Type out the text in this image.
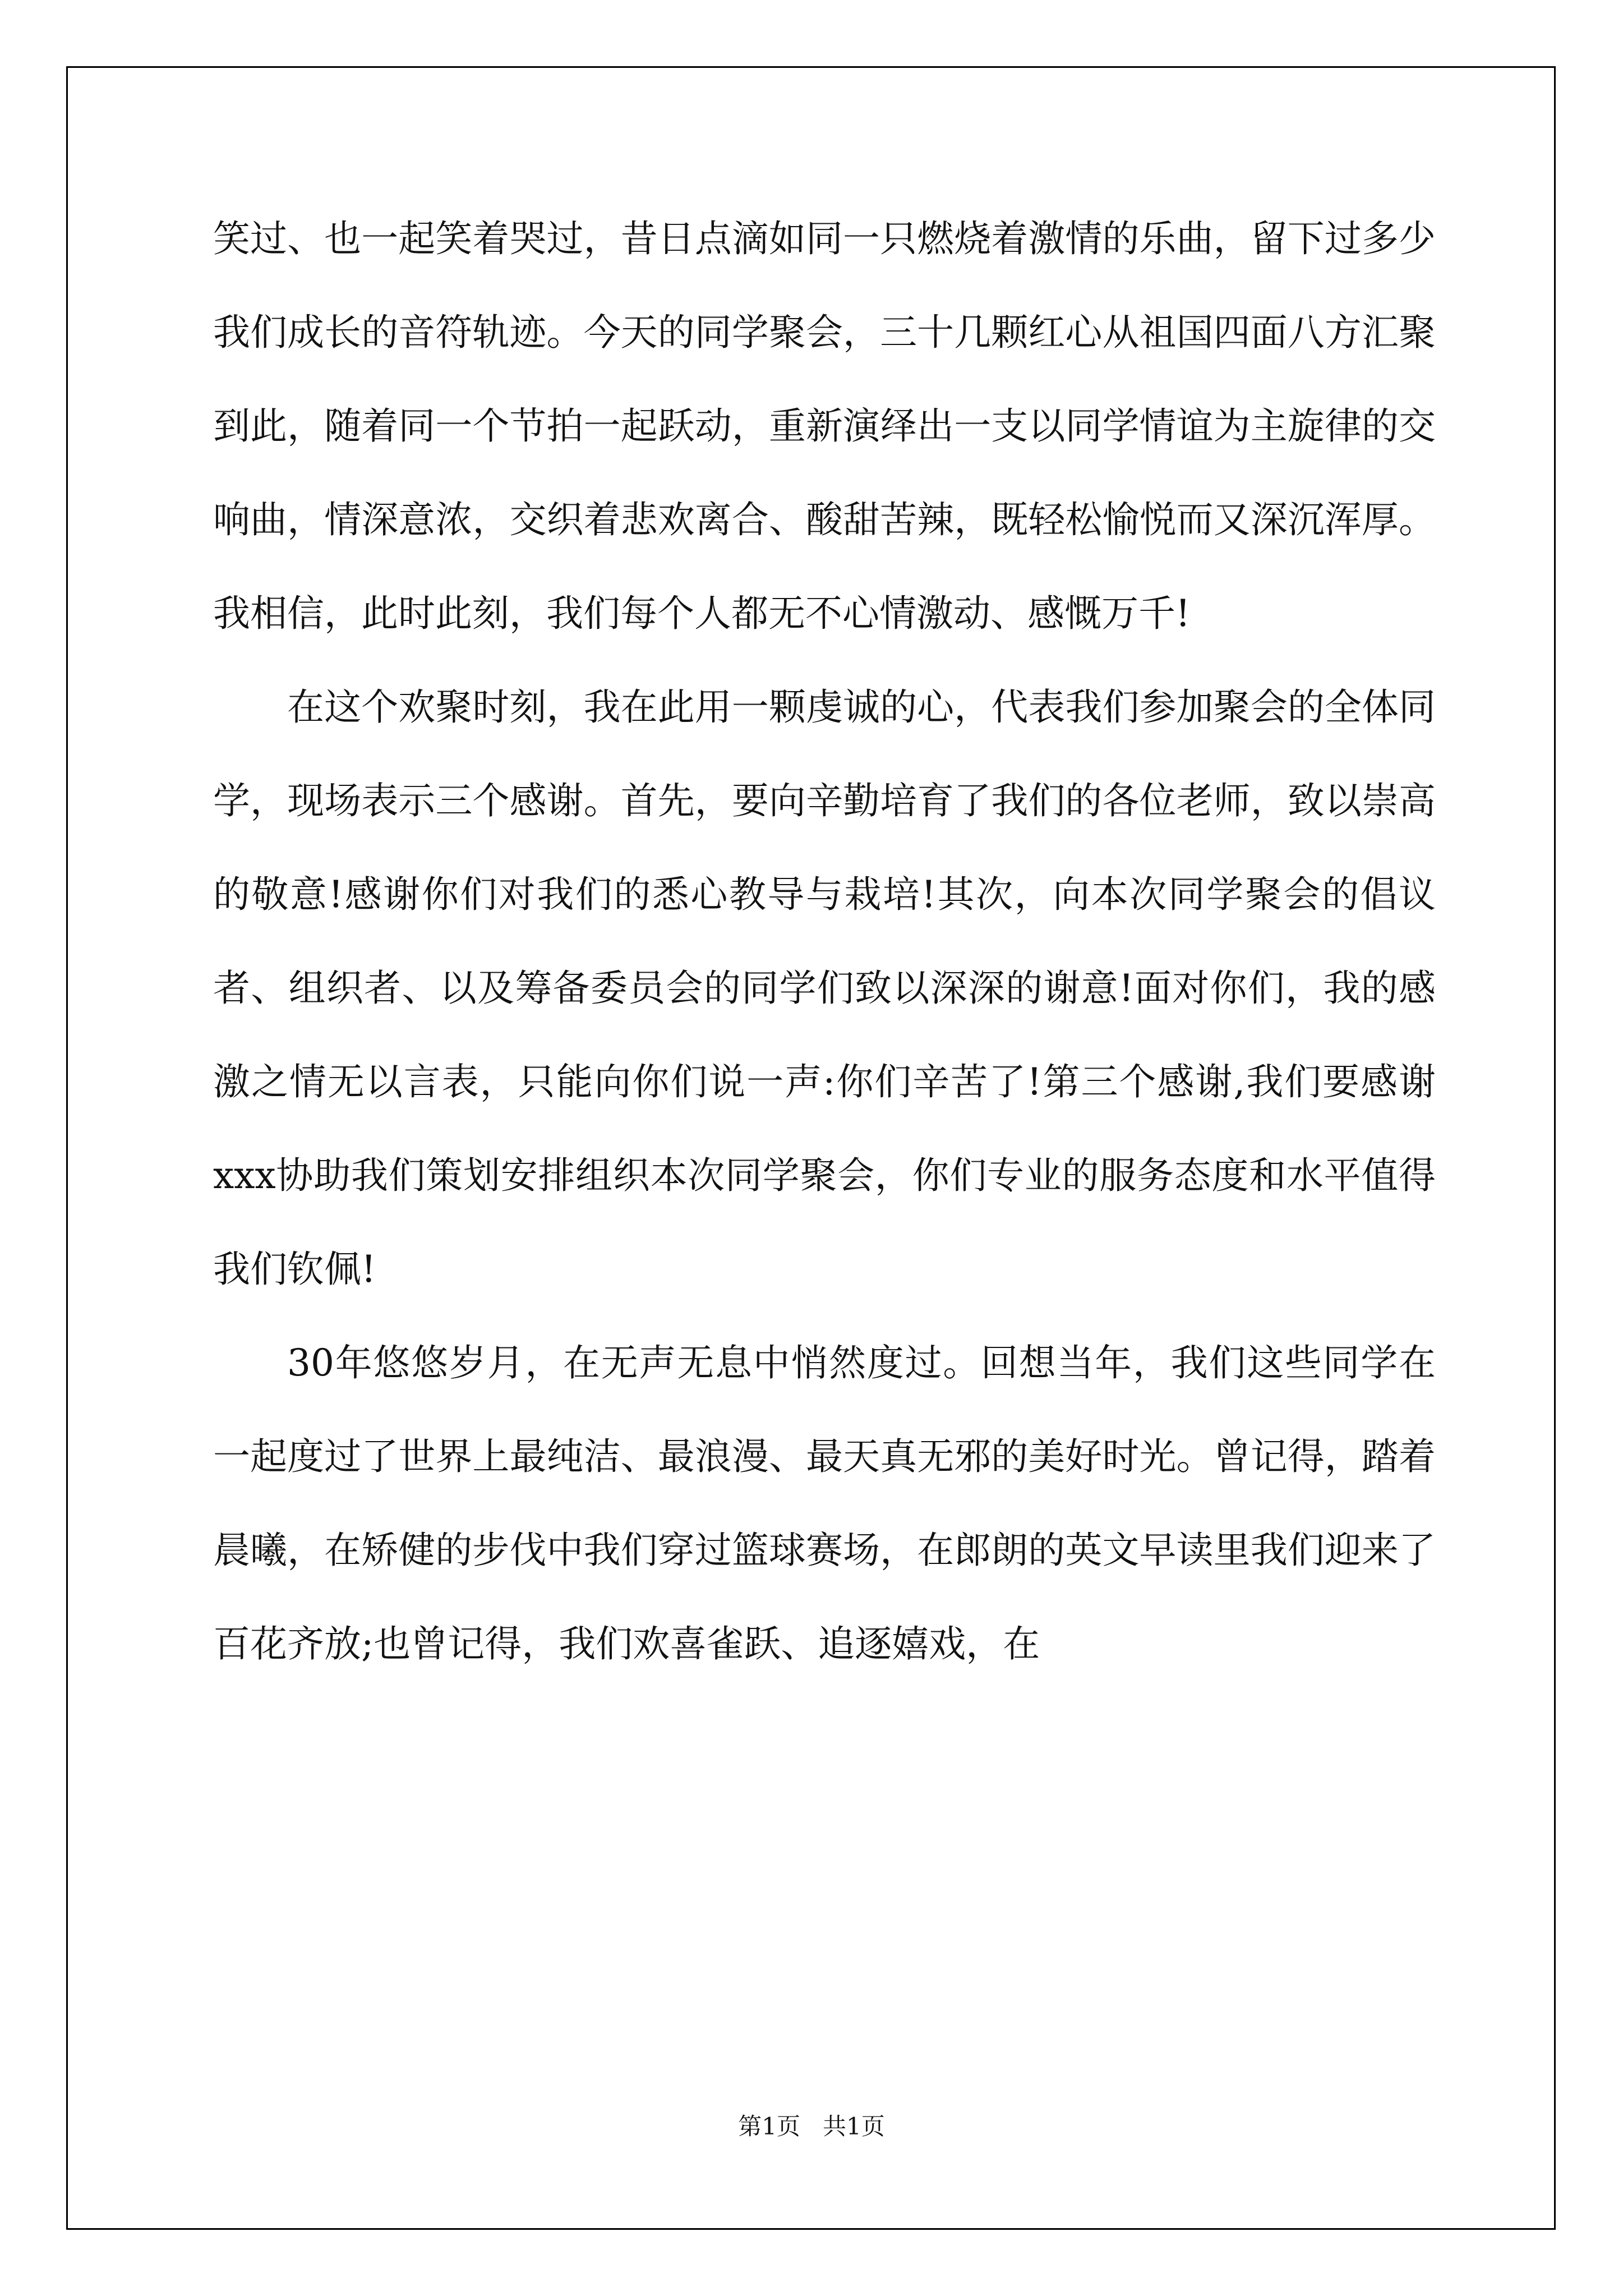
笑过、也一起笑着哭过，昔日点滴如同一只燃烧着激情的乐曲，留下过多少我们成长的音符轨迹。今天的同学聚会，三十几颗红心从祖国四面八方汇聚到此，随着同一个节拍一起跃动，重新演绎出一支以同学情谊为主旋律的交响曲，情深意浓，交织着悲欢离合、酸甜苦辣，既轻松愉悦而又深沉浑厚。我相信，此时此刻，我们每个人都无不心情激动、感慨万千!

在这个欢聚时刻，我在此用一颗虔诚的心，代表我们参加聚会的全体同学，现场表示三个感谢。首先，要向辛勤培育了我们的各位老师，致以崇高的敬意!感谢你们对我们的悉心教导与栽培!其次，向本次同学聚会的倡议者、组织者、以及筹备委员会的同学们致以深深的谢意!面对你们，我的感激之情无以言表，只能向你们说一声:你们辛苦了!第三个感谢,我们要感谢xxx协助我们策划安排组织本次同学聚会，你们专业的服务态度和水平值得我们钦佩!

30年悠悠岁月，在无声无息中悄然度过。回想当年，我们这些同学在一起度过了世界上最纯洁、最浪漫、最天真无邪的美好时光。曾记得，踏着晨曦，在矫健的步伐中我们穿过篮球赛场，在郎朗的英文早读里我们迎来了百花齐放;也曾记得，我们欢喜雀跃、追逐嬉戏，在

第1页   共1页
